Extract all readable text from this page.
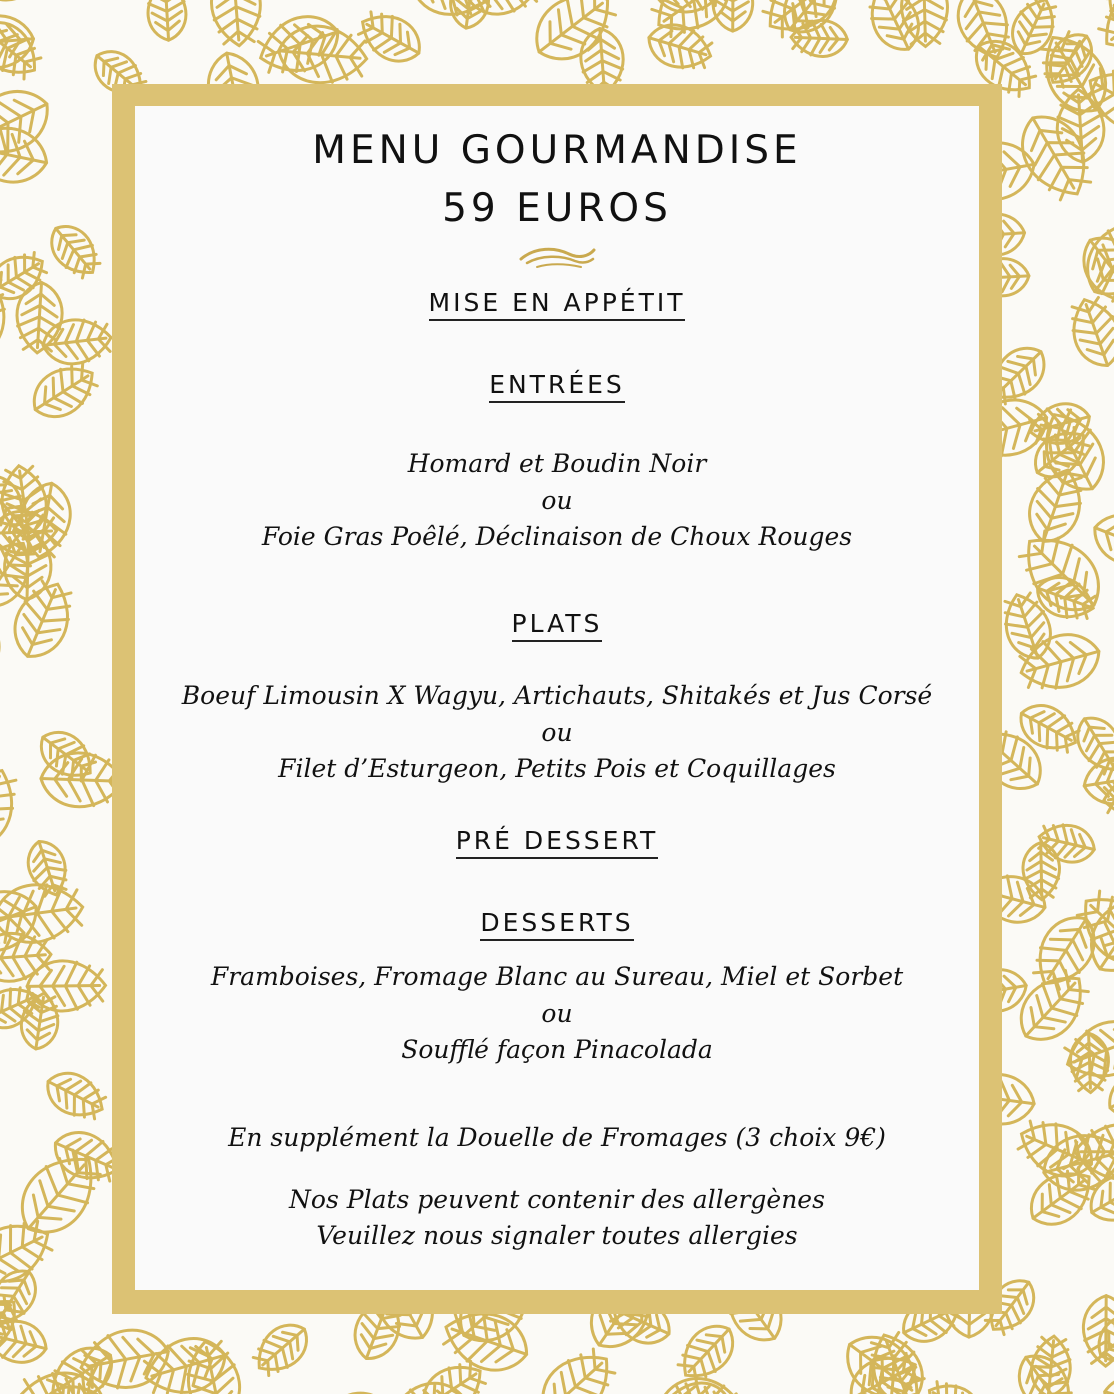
MENU GOURMANDISE
59 EUROS
MISE EN APPÉTIT
ENTRÉES
Homard et Boudin Noir
ou
Foie Gras Poêlé, Déclinaison de Choux Rouges
PLATS
Boeuf Limousin X Wagyu, Artichauts, Shitakés et Jus Corsé
ou
Filet d’Esturgeon, Petits Pois et Coquillages
PRÉ DESSERT
DESSERTS
Framboises, Fromage Blanc au Sureau, Miel et Sorbet
ou
Soufflé façon Pinacolada
En supplément la Douelle de Fromages (3 choix 9€)
Nos Plats peuvent contenir des allergènes
Veuillez nous signaler toutes allergies
